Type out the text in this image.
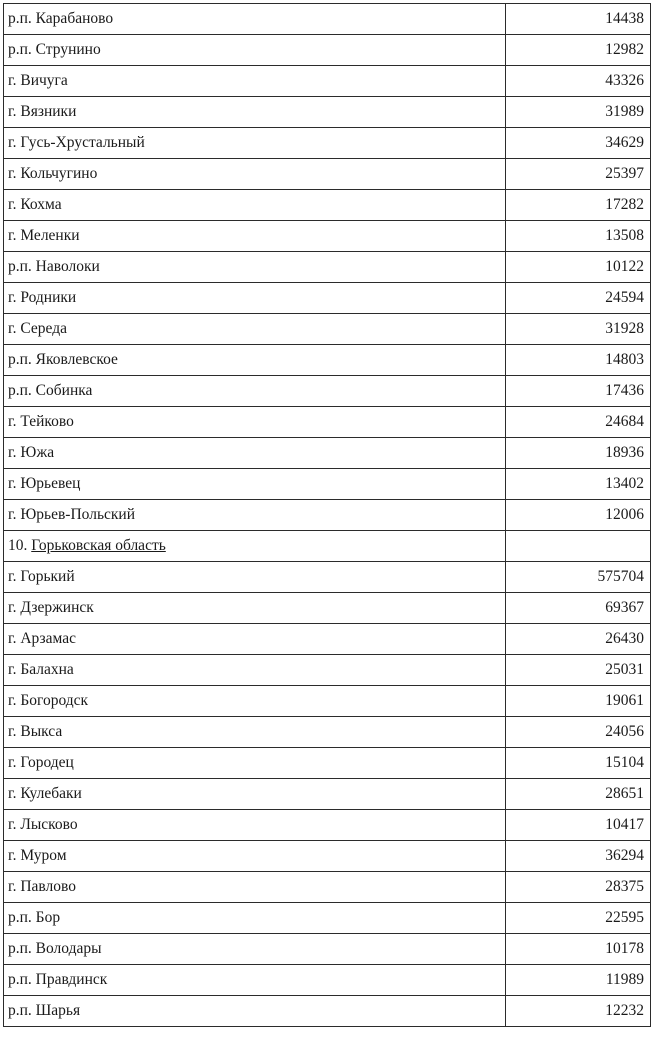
р.п. Карабаново	14438
р.п. Струнино	12982
г. Вичуга	43326
г. Вязники	31989
г. Гусь-Хрустальный	34629
г. Кольчугино	25397
г. Кохма	17282
г. Меленки	13508
р.п. Наволоки	10122
г. Родники	24594
г. Середа	31928
р.п. Яковлевское	14803
р.п. Собинка	17436
г. Тейково	24684
г. Южа	18936
г. Юрьевец	13402
г. Юрьев-Польский	12006
10. Горьковская область	
г. Горький	575704
г. Дзержинск	69367
г. Арзамас	26430
г. Балахна	25031
г. Богородск	19061
г. Выкса	24056
г. Городец	15104
г. Кулебаки	28651
г. Лысково	10417
г. Муром	36294
г. Павлово	28375
р.п. Бор	22595
р.п. Володары	10178
р.п. Правдинск	11989
р.п. Шарья	12232
